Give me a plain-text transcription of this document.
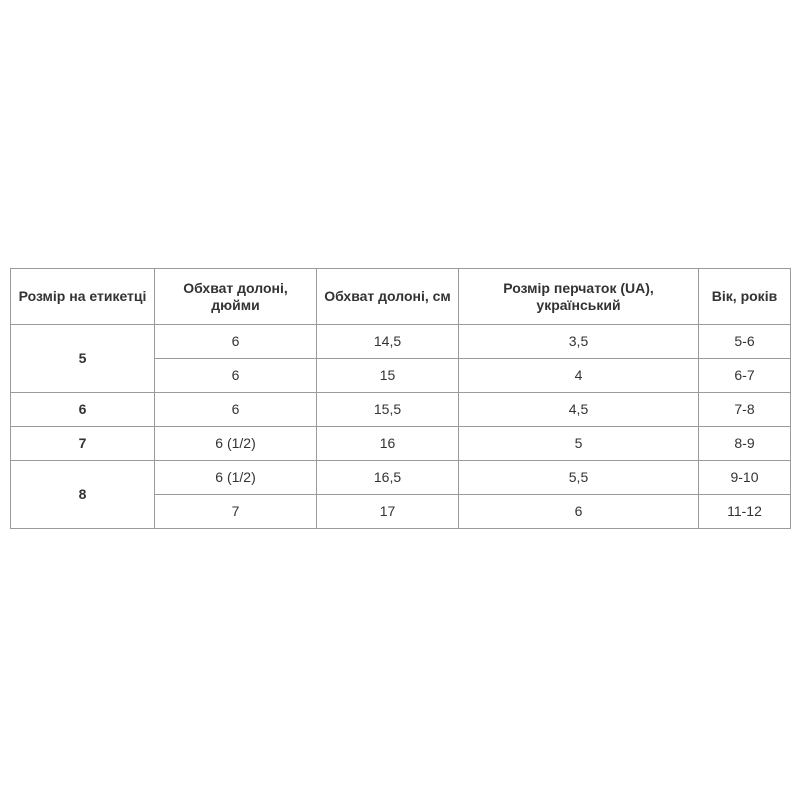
Розмір на етикетці	Обхват долоні, дюйми	Обхват долоні, см	Розмір перчаток (UA), український	Вік, років
5	6	14,5	3,5	5-6
	6	15	4	6-7
6	6	15,5	4,5	7-8
7	6 (1/2)	16	5	8-9
8	6 (1/2)	16,5	5,5	9-10
	7	17	6	11-12
